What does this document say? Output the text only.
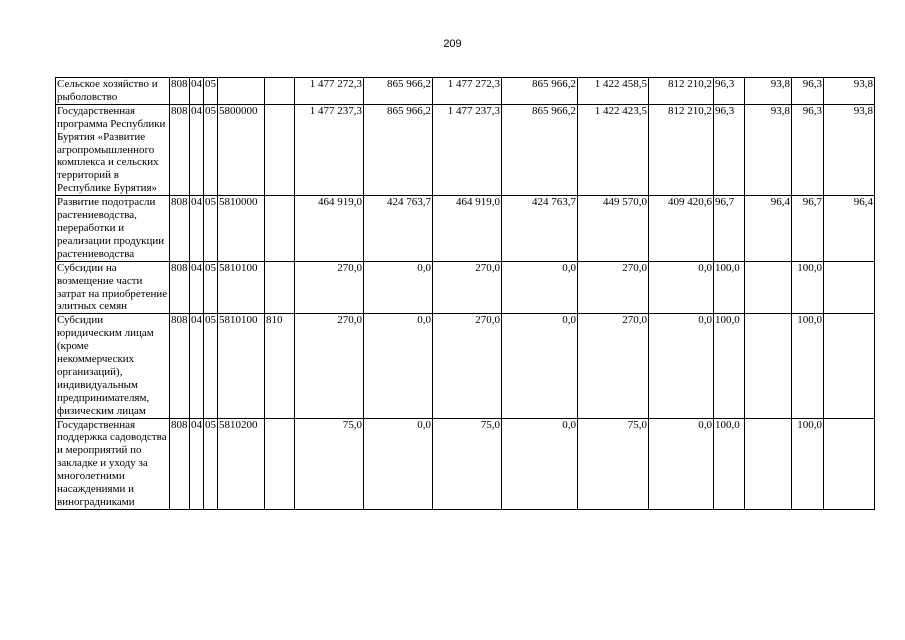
209
Сельское хозяйство и рыболовство	808	04	05			1 477 272,3	865 966,2	1 477 272,3	865 966,2	1 422 458,5	812 210,2	96,3	93,8	96,3	93,8
Государственная программа Республики Бурятия «Развитие агропромышленного комплекса и сельских территорий в Республике Бурятия»	808	04	05	5800000		1 477 237,3	865 966,2	1 477 237,3	865 966,2	1 422 423,5	812 210,2	96,3	93,8	96,3	93,8
Развитие подотрасли растениеводства, переработки и реализации продукции растениеводства	808	04	05	5810000		464 919,0	424 763,7	464 919,0	424 763,7	449 570,0	409 420,6	96,7	96,4	96,7	96,4
Субсидии на возмещение части затрат на приобретение элитных семян	808	04	05	5810100		270,0	0,0	270,0	0,0	270,0	0,0	100,0		100,0	
Субсидии юридическим лицам (кроме некоммерческих организаций), индивидуальным предпринимателям, физическим лицам	808	04	05	5810100	810	270,0	0,0	270,0	0,0	270,0	0,0	100,0		100,0	
Государственная поддержка садоводства и мероприятий по закладке и уходу за многолетними насаждениями и виноградниками	808	04	05	5810200		75,0	0,0	75,0	0,0	75,0	0,0	100,0		100,0	
